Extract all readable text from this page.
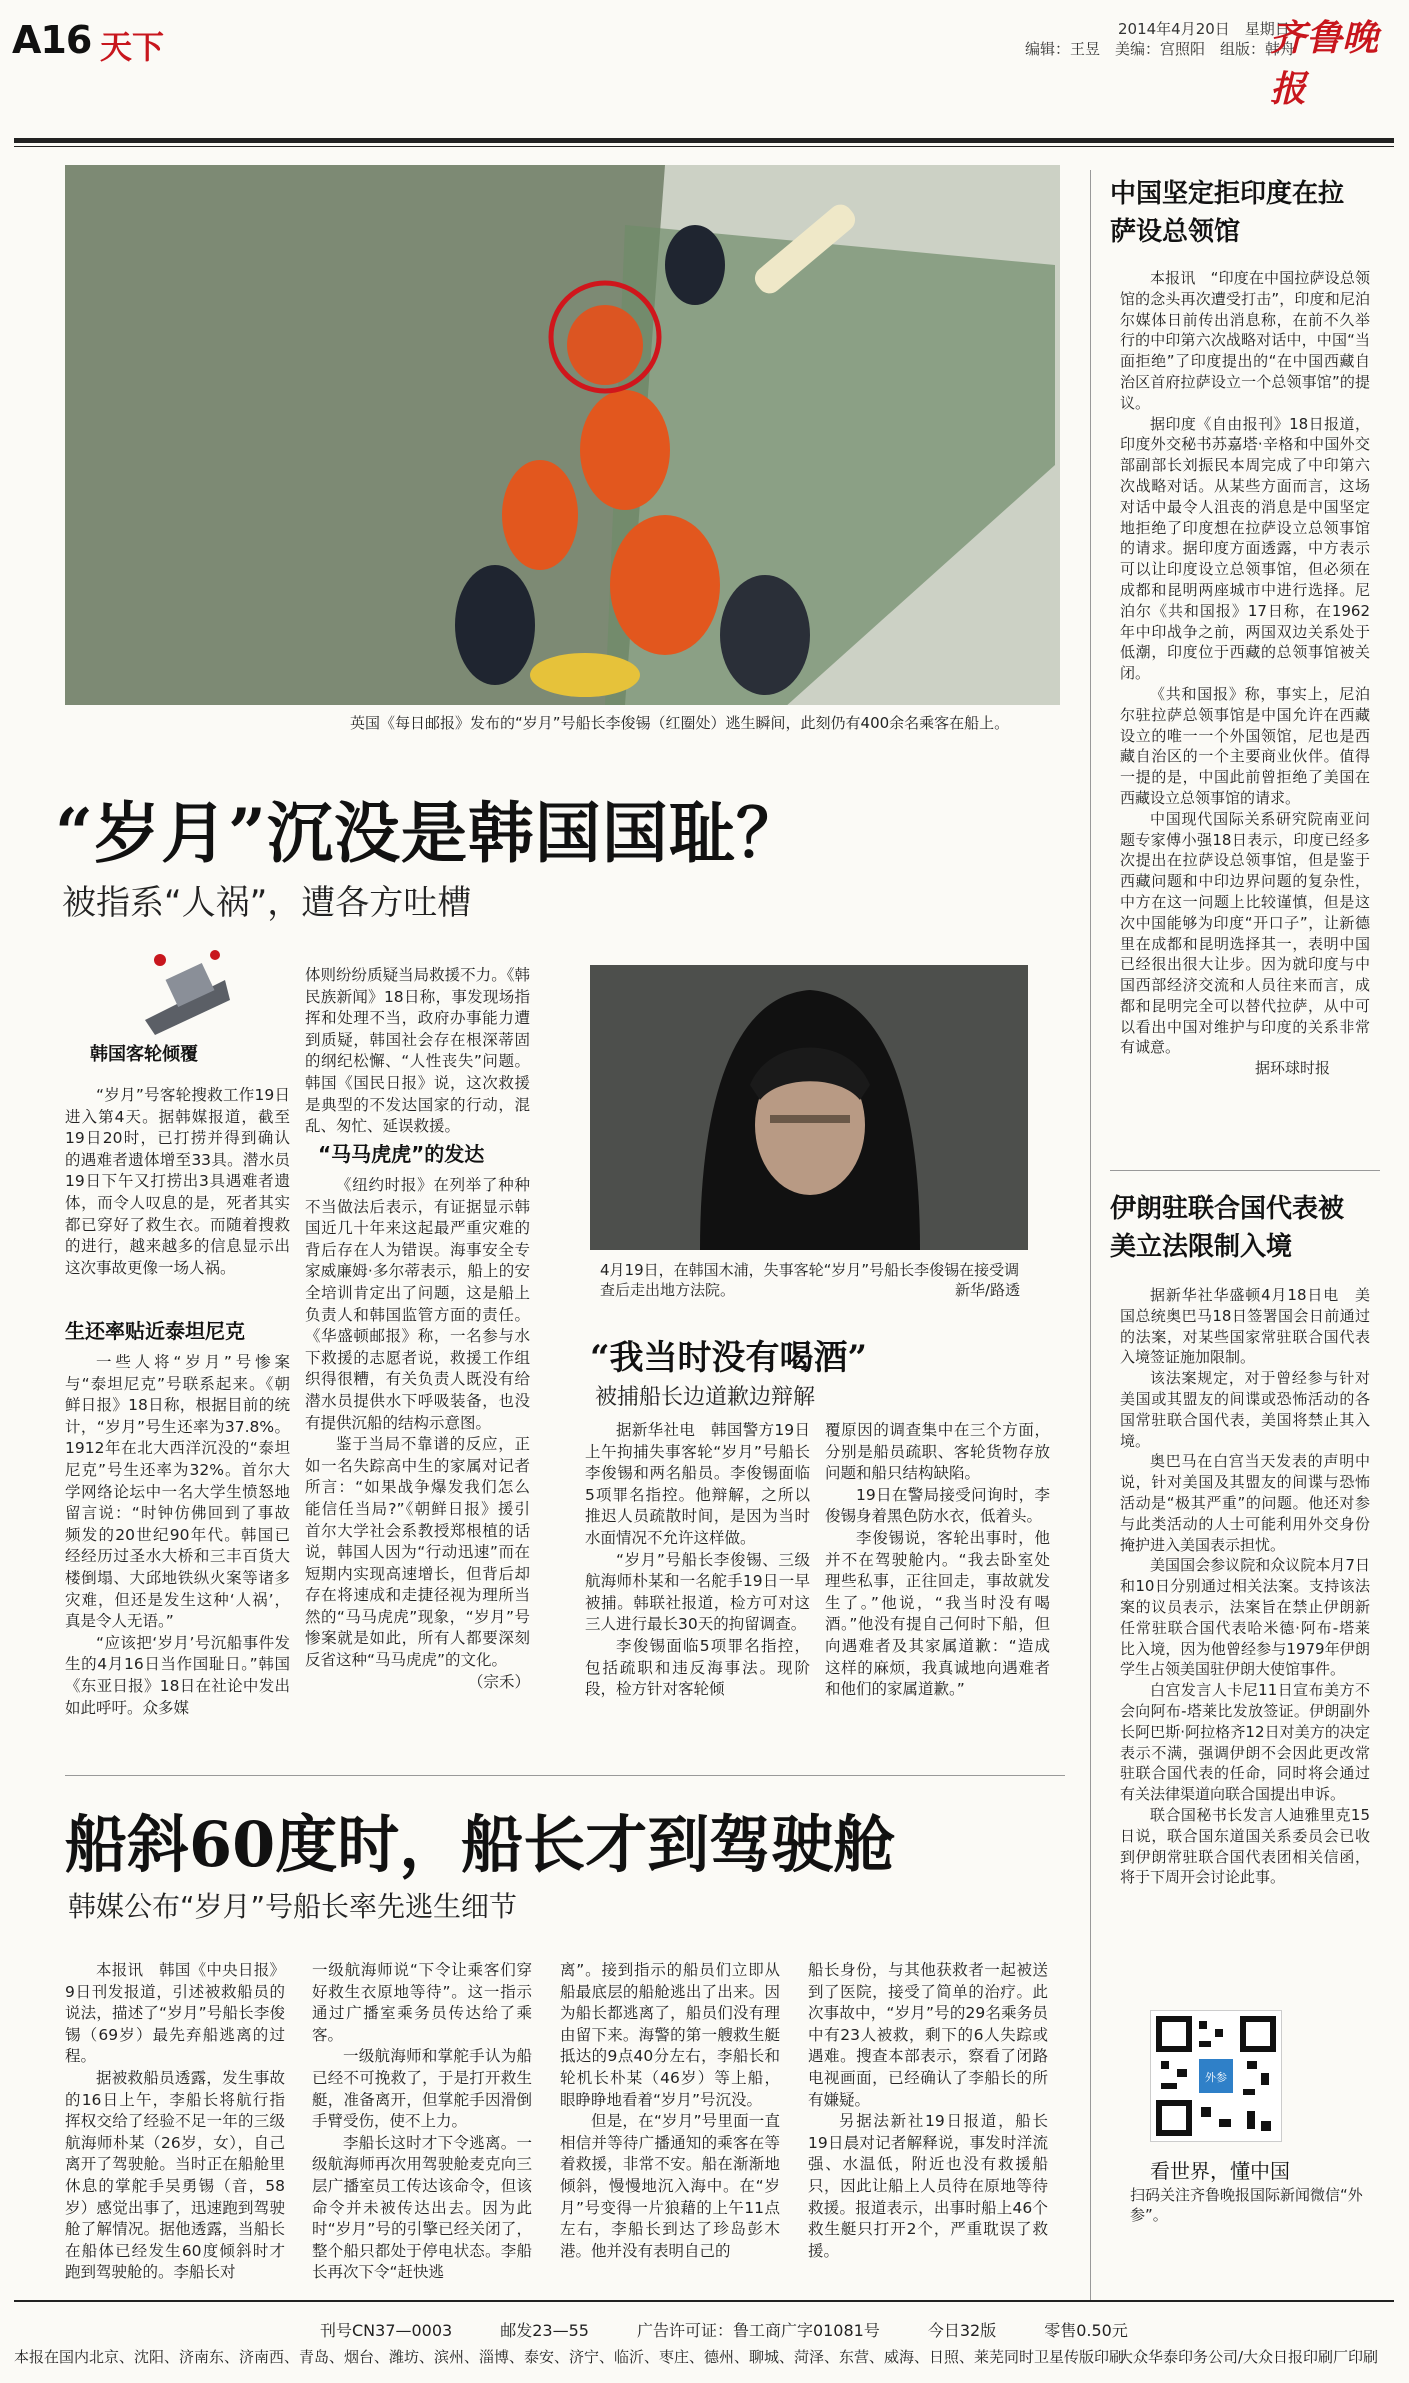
A16 天下	2014年4月20日　星期日
编辑：王昱　美编：宫照阳　组版：韩舟
齐鲁晚报
英国《每日邮报》发布的“岁月”号船长李俊锡（红圈处）逃生瞬间，此刻仍有400余名乘客在船上。
“岁月”沉没是韩国国耻？
被指系“人祸”，遭各方吐槽
韩国客轮倾覆

“岁月”号客轮搜救工作19日进入第4天。据韩媒报道，截至19日20时，已打捞并得到确认的遇难者遗体增至33具。潜水员19日下午又打捞出3具遇难者遗体，而令人叹息的是，死者其实都已穿好了救生衣。而随着搜救的进行，越来越多的信息显示出这次事故更像一场人祸。

生还率贴近泰坦尼克

一些人将“岁月”号惨案与“泰坦尼克”号联系起来。《朝鲜日报》18日称，根据目前的统计，“岁月”号生还率为37.8%。1912年在北大西洋沉没的“泰坦尼克”号生还率为32%。首尔大学网络论坛中一名大学生愤怒地留言说：“时钟仿佛回到了事故频发的20世纪90年代。韩国已经经历过圣水大桥和三丰百货大楼倒塌、大邱地铁纵火案等诸多灾难，但还是发生这种‘人祸’，真是令人无语。”

“应该把‘岁月’号沉船事件发生的4月16日当作国耻日。”韩国《东亚日报》18日在社论中发出如此呼吁。众多媒

体则纷纷质疑当局救援不力。《韩民族新闻》18日称，事发现场指挥和处理不当，政府办事能力遭到质疑，韩国社会存在根深蒂固的纲纪松懈、“人性丧失”问题。韩国《国民日报》说，这次救援是典型的不发达国家的行动，混乱、匆忙、延误救援。

“马马虎虎”的发达

《纽约时报》在列举了种种不当做法后表示，有证据显示韩国近几十年来这起最严重灾难的背后存在人为错误。海事安全专家威廉姆·多尔蒂表示，船上的安全培训肯定出了问题，这是船上负责人和韩国监管方面的责任。《华盛顿邮报》称，一名参与水下救援的志愿者说，救援工作组织得很糟，有关负责人既没有给潜水员提供水下呼吸装备，也没有提供沉船的结构示意图。

鉴于当局不靠谱的反应，正如一名失踪高中生的家属对记者所言：“如果战争爆发我们怎么能信任当局?”《朝鲜日报》援引首尔大学社会系教授郑根植的话说，韩国人因为“行动迅速”而在短期内实现高速增长，但背后却存在将速成和走捷径视为理所当然的“马马虎虎”现象，“岁月”号惨案就是如此，所有人都要深刻反省这种“马马虎虎”的文化。

（宗禾）
4月19日，在韩国木浦，失事客轮“岁月”号船长李俊锡在接受调查后走出地方法院。	新华/路透
“我当时没有喝酒”
被捕船长边道歉边辩解

据新华社电　韩国警方19日上午拘捕失事客轮“岁月”号船长李俊锡和两名船员。李俊锡面临5项罪名指控。他辩解，之所以推迟人员疏散时间，是因为当时水面情况不允许这样做。

“岁月”号船长李俊锡、三级航海师朴某和一名舵手19日一早被捕。韩联社报道，检方可对这三人进行最长30天的拘留调查。

李俊锡面临5项罪名指控，包括疏职和违反海事法。现阶段，检方针对客轮倾

覆原因的调查集中在三个方面，分别是船员疏职、客轮货物存放问题和船只结构缺陷。

19日在警局接受问询时，李俊锡身着黑色防水衣，低着头。

李俊锡说，客轮出事时，他并不在驾驶舱内。“我去卧室处理些私事，正往回走，事故就发生了。”他说，“我当时没有喝酒。”他没有提自己何时下船，但向遇难者及其家属道歉：“造成这样的麻烦，我真诚地向遇难者和他们的家属道歉。”

船斜60度时，船长才到驾驶舱
韩媒公布“岁月”号船长率先逃生细节

本报讯　韩国《中央日报》9日刊发报道，引述被救船员的说法，描述了“岁月”号船长李俊锡（69岁）最先弃船逃离的过程。

据被救船员透露，发生事故的16日上午，李船长将航行指挥权交给了经验不足一年的三级航海师朴某（26岁，女），自己离开了驾驶舱。当时正在船舱里休息的掌舵手吴勇锡（音，58岁）感觉出事了，迅速跑到驾驶舱了解情况。据他透露，当船长在船体已经发生60度倾斜时才跑到驾驶舱的。李船长对

一级航海师说“下令让乘客们穿好救生衣原地等待”。这一指示通过广播室乘务员传达给了乘客。

一级航海师和掌舵手认为船已经不可挽救了，于是打开救生艇，准备离开，但掌舵手因滑倒手臂受伤，使不上力。

李船长这时才下令逃离。一级航海师再次用驾驶舱麦克向三层广播室员工传达该命令，但该命令并未被传达出去。因为此时“岁月”号的引擎已经关闭了，整个船只都处于停电状态。李船长再次下令“赶快逃

离”。接到指示的船员们立即从船最底层的船舱逃出了出来。因为船长都逃离了，船员们没有理由留下来。海警的第一艘救生艇抵达的9点40分左右，李船长和轮机长朴某（46岁）等上船，眼睁睁地看着“岁月”号沉没。

但是，在“岁月”号里面一直相信并等待广播通知的乘客在等着救援，非常不安。船在渐渐地倾斜，慢慢地沉入海中。在“岁月”号变得一片狼藉的上午11点左右，李船长到达了珍岛彭木港。他并没有表明自己的

船长身份，与其他获救者一起被送到了医院，接受了简单的治疗。此次事故中，“岁月”号的29名乘务员中有23人被救，剩下的6人失踪或遇难。搜查本部表示，察看了闭路电视画面，已经确认了李船长的所有嫌疑。

另据法新社19日报道，船长19日晨对记者解释说，事发时洋流强、水温低，附近也没有救援船只，因此让船上人员待在原地等待救援。报道表示，出事时船上46个救生艇只打开2个，严重耽误了救援。

中国坚定拒印度在拉萨设总领馆

本报讯　“印度在中国拉萨设总领馆的念头再次遭受打击”，印度和尼泊尔媒体日前传出消息称，在前不久举行的中印第六次战略对话中，中国“当面拒绝”了印度提出的“在中国西藏自治区首府拉萨设立一个总领事馆”的提议。

据印度《自由报刊》18日报道，印度外交秘书苏嘉塔·辛格和中国外交部副部长刘振民本周完成了中印第六次战略对话。从某些方面而言，这场对话中最令人沮丧的消息是中国坚定地拒绝了印度想在拉萨设立总领事馆的请求。据印度方面透露，中方表示可以让印度设立总领事馆，但必须在成都和昆明两座城市中进行选择。尼泊尔《共和国报》17日称，在1962年中印战争之前，两国双边关系处于低潮，印度位于西藏的总领事馆被关闭。

《共和国报》称，事实上，尼泊尔驻拉萨总领事馆是中国允许在西藏设立的唯一一个外国领馆，尼也是西藏自治区的一个主要商业伙伴。值得一提的是，中国此前曾拒绝了美国在西藏设立总领事馆的请求。

中国现代国际关系研究院南亚问题专家傅小强18日表示，印度已经多次提出在拉萨设总领事馆，但是鉴于西藏问题和中印边界问题的复杂性，中方在这一问题上比较谨慎，但是这次中国能够为印度“开口子”，让新德里在成都和昆明选择其一，表明中国已经很出很大让步。因为就印度与中国西部经济交流和人员往来而言，成都和昆明完全可以替代拉萨，从中可以看出中国对维护与印度的关系非常有诚意。

据环球时报
伊朗驻联合国代表被美立法限制入境

据新华社华盛顿4月18日电　美国总统奥巴马18日签署国会日前通过的法案，对某些国家常驻联合国代表入境签证施加限制。

该法案规定，对于曾经参与针对美国或其盟友的间谍或恐怖活动的各国常驻联合国代表，美国将禁止其入境。

奥巴马在白宫当天发表的声明中说，针对美国及其盟友的间谍与恐怖活动是“极其严重”的问题。他还对参与此类活动的人士可能利用外交身份掩护进入美国表示担忧。

美国国会参议院和众议院本月7日和10日分别通过相关法案。支持该法案的议员表示，法案旨在禁止伊朗新任常驻联合国代表哈米德·阿布-塔莱比入境，因为他曾经参与1979年伊朗学生占领美国驻伊朗大使馆事件。

白宫发言人卡尼11日宣布美方不会向阿布-塔莱比发放签证。伊朗副外长阿巴斯·阿拉格齐12日对美方的决定表示不满，强调伊朗不会因此更改常驻联合国代表的任命，同时将会通过有关法律渠道向联合国提出申诉。

联合国秘书长发言人迪雅里克15日说，联合国东道国关系委员会已收到伊朗常驻联合国代表团相关信函，将于下周开会讨论此事。

外参
看世界，懂中国
扫码关注齐鲁晚报国际新闻微信“外参”。
刊号CN37—0003　　　邮发23—55　　　广告许可证：鲁工商广字01081号　　　今日32版　　　零售0.50元
本报在国内北京、沈阳、济南东、济南西、青岛、烟台、潍坊、滨州、淄博、泰安、济宁、临沂、枣庄、德州、聊城、菏泽、东营、威海、日照、莱芜同时卫星传版印刷
大众华泰印务公司/大众日报印刷厂印刷
